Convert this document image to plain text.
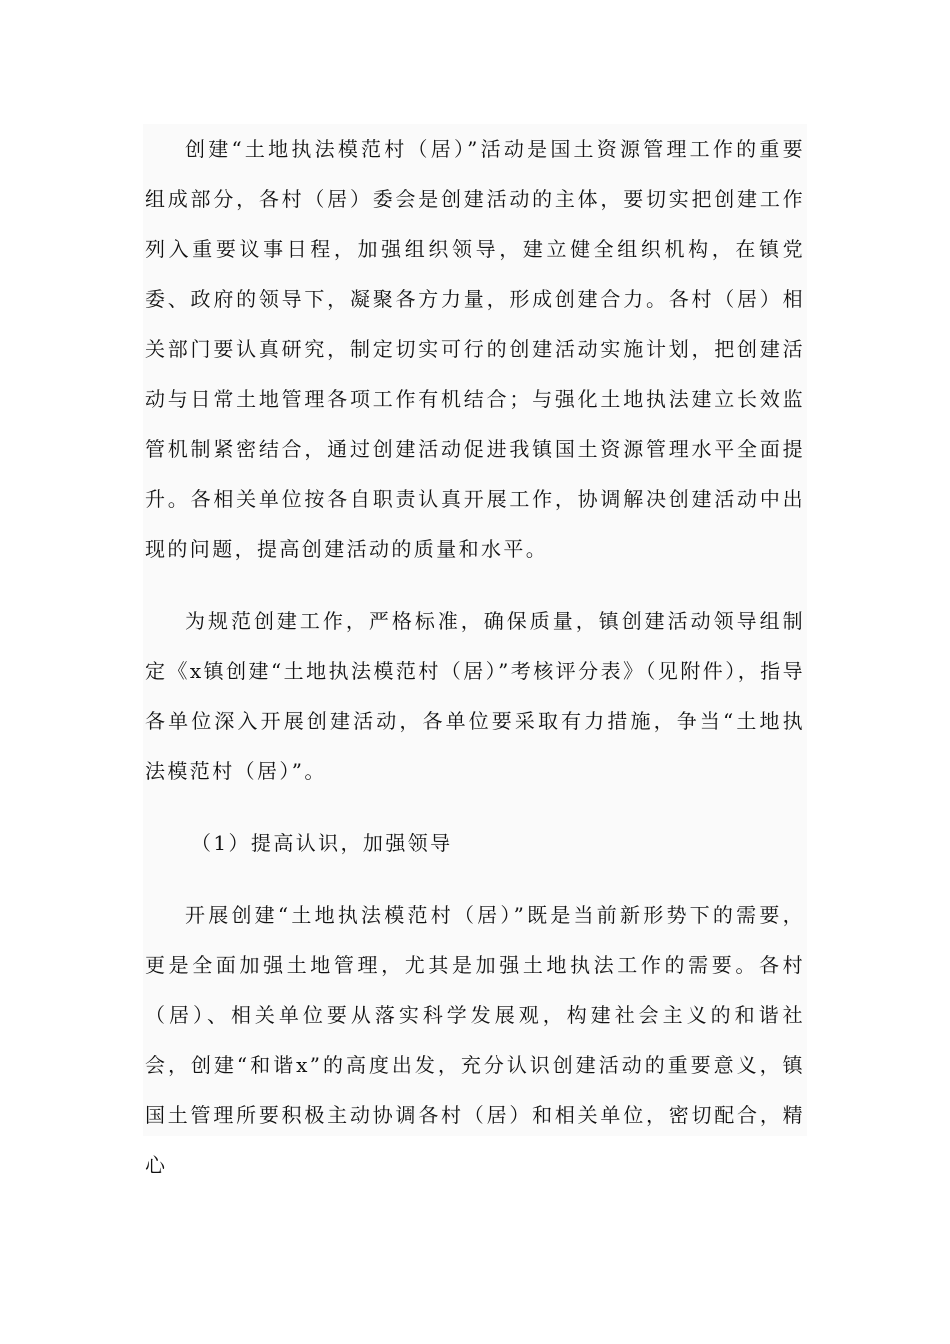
创建“土地执法模范村（居）”活动是国土资源管理工作的重要组成部分，各村（居）委会是创建活动的主体，要切实把创建工作列入重要议事日程，加强组织领导，建立健全组织机构，在镇党委、政府的领导下，凝聚各方力量，形成创建合力。各村（居）相关部门要认真研究，制定切实可行的创建活动实施计划，把创建活动与日常土地管理各项工作有机结合；与强化土地执法建立长效监管机制紧密结合，通过创建活动促进我镇国土资源管理水平全面提升。各相关单位按各自职责认真开展工作，协调解决创建活动中出现的问题，提高创建活动的质量和水平。

为规范创建工作，严格标准，确保质量，镇创建活动领导组制定《x镇创建“土地执法模范村（居）”考核评分表》（见附件），指导各单位深入开展创建活动，各单位要采取有力措施，争当“土地执法模范村（居）”。

（1）提高认识，加强领导

开展创建“土地执法模范村（居）”既是当前新形势下的需要，更是全面加强土地管理，尤其是加强土地执法工作的需要。各村（居）、相关单位要从落实科学发展观，构建社会主义的和谐社会，创建“和谐x”的高度出发，充分认识创建活动的重要意义，镇国土管理所要积极主动协调各村（居）和相关单位，密切配合，精心
